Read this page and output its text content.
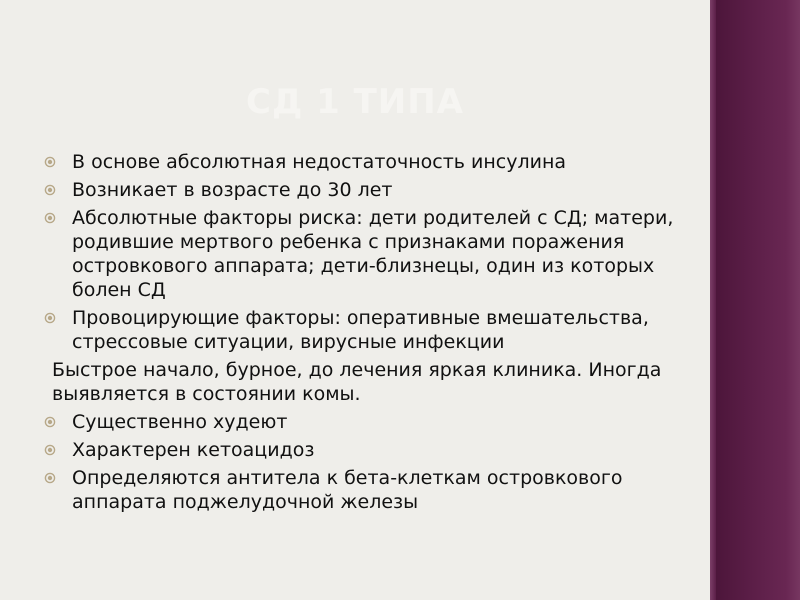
СД 1 ТИПА

В основе абсолютная недостаточность инсулина

Возникает в возрасте до 30 лет

Абсолютные факторы риска: дети родителей с СД; матери, родившие мертвого ребенка с признаками поражения островкового аппарата; дети-близнецы, один из которых болен СД

Провоцирующие факторы: оперативные вмешательства, стрессовые ситуации, вирусные инфекции

Быстрое начало, бурное, до лечения яркая клиника. Иногда выявляется в состоянии комы.

Существенно худеют

Характерен кетоацидоз

Определяются антитела к бета-клеткам островкового аппарата поджелудочной железы
